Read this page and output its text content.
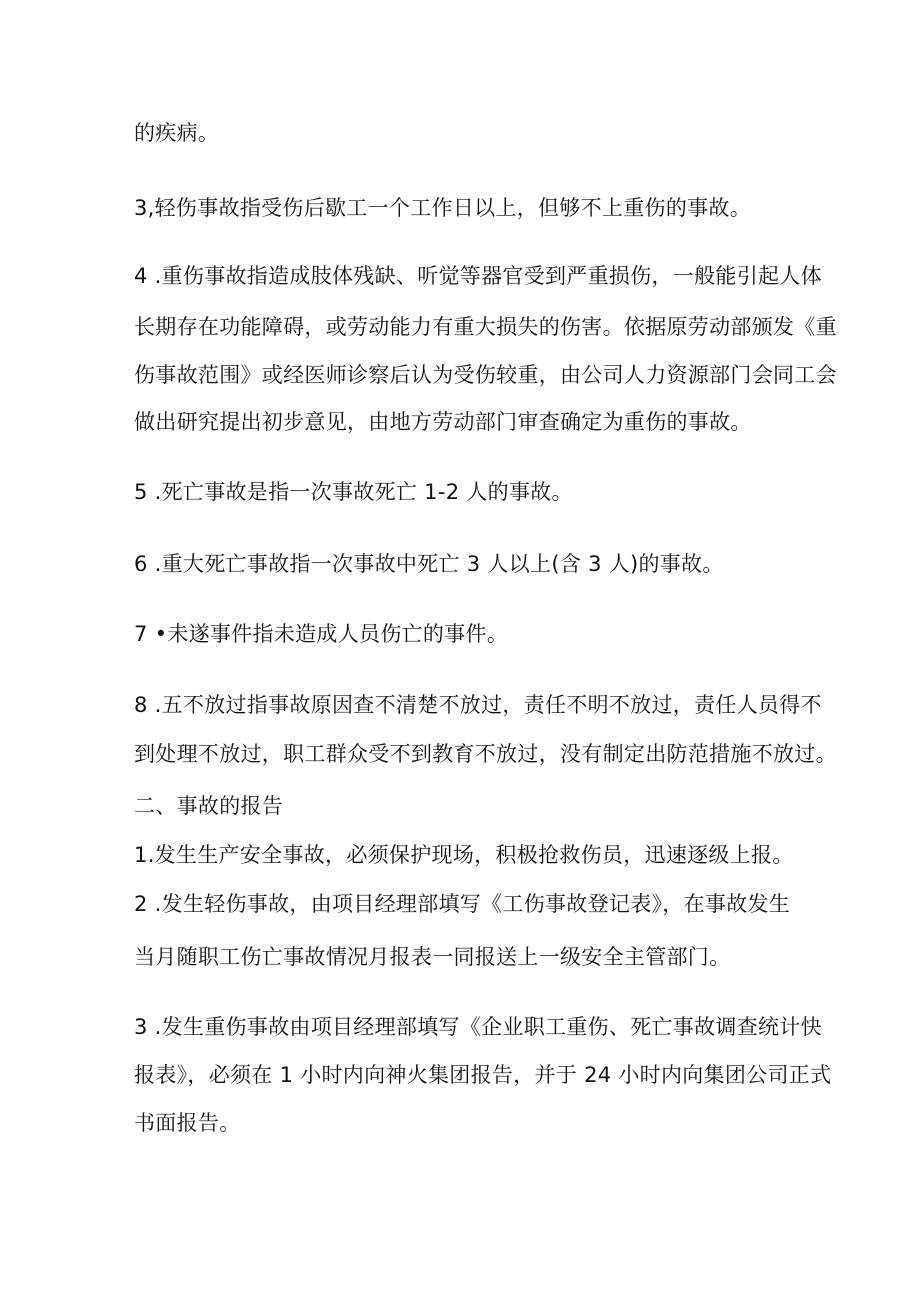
的疾病。
3,轻伤事故指受伤后歇工一个工作日以上，但够不上重伤的事故。
4 .重伤事故指造成肢体残缺、听觉等器官受到严重损伤，一般能引起人体
长期存在功能障碍，或劳动能力有重大损失的伤害。依据原劳动部颁发《重
伤事故范围》或经医师诊察后认为受伤较重，由公司人力资源部门会同工会
做出研究提出初步意见，由地方劳动部门审查确定为重伤的事故。
5 .死亡事故是指一次事故死亡 1-2 人的事故。
6 .重大死亡事故指一次事故中死亡 3 人以上(含 3 人)的事故。
7 •未遂事件指未造成人员伤亡的事件。
8 .五不放过指事故原因查不清楚不放过，责任不明不放过，责任人员得不
到处理不放过，职工群众受不到教育不放过，没有制定出防范措施不放过。
二、事故的报告
1.发生生产安全事故，必须保护现场，积极抢救伤员，迅速逐级上报。
2 .发生轻伤事故，由项目经理部填写《工伤事故登记表》，在事故发生
当月随职工伤亡事故情况月报表一同报送上一级安全主管部门。
3 .发生重伤事故由项目经理部填写《企业职工重伤、死亡事故调查统计快
报表》，必须在 1 小时内向神火集团报告，并于 24 小时内向集团公司正式
书面报告。
